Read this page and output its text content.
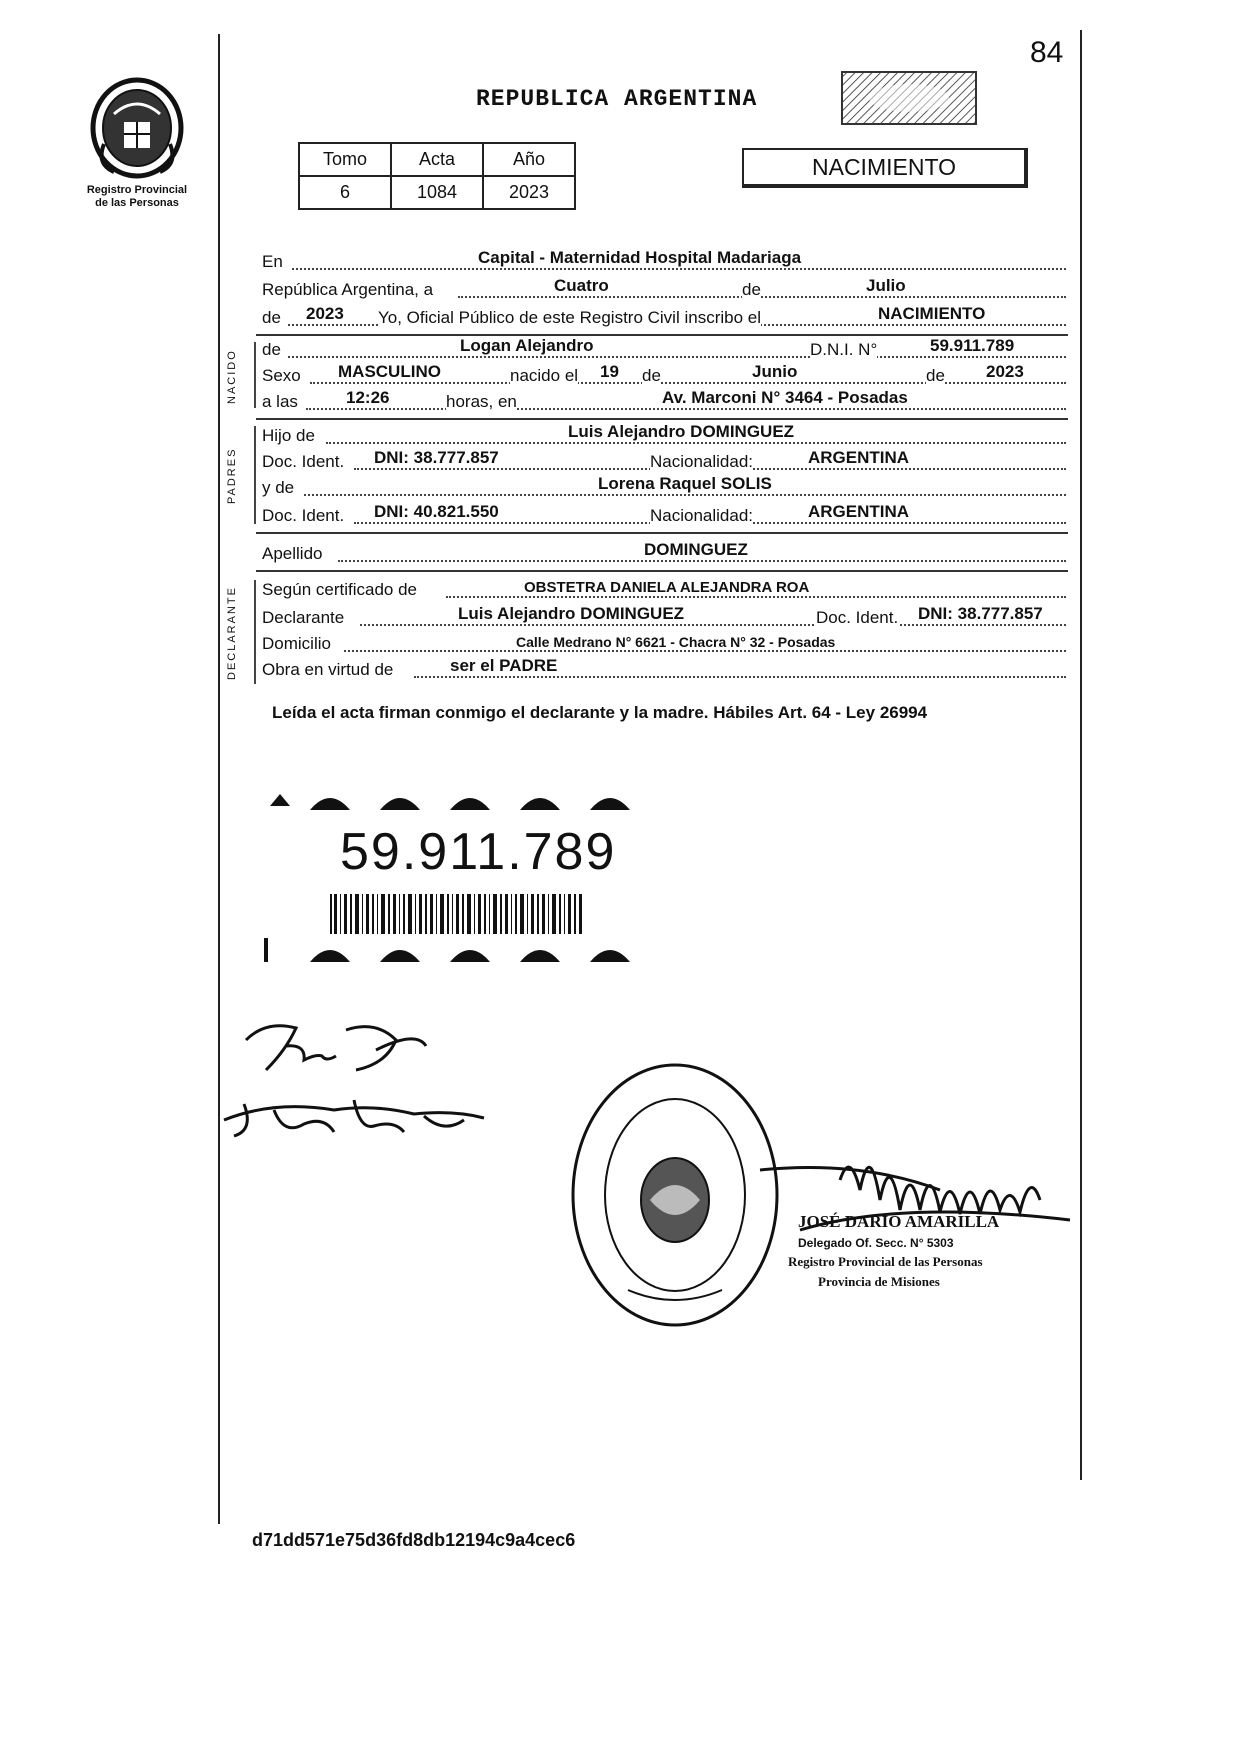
Registro Provincial
de las Personas
84
REPUBLICA ARGENTINA
Tomo	Acta	Año
6	1084	2023
NACIMIENTO
En	Capital - Maternidad Hospital Madariaga
República Argentina, a	Cuatro	de	Julio
de 2023 Yo, Oficial Público de este Registro Civil inscribo el	NACIMIENTO
NACIDO de	Logan Alejandro	D.N.I. N°	59.911.789
Sexo MASCULINO	nacido el 19 de	Junio	de 2023
a las	12:26	horas, en	Av. Marconi N° 3464 - Posadas
PADRES
Hijo de	Luis Alejandro DOMINGUEZ
Doc. Ident. DNI: 38.777.857	Nacionalidad:	ARGENTINA
y de	Lorena Raquel SOLIS
Doc. Ident. DNI: 40.821.550	Nacionalidad:	ARGENTINA
Apellido	DOMINGUEZ
DECLARANTE Según certificado de	OBSTETRA DANIELA ALEJANDRA ROA
Declarante	Luis Alejandro DOMINGUEZ	Doc. Ident. DNI: 38.777.857
Domicilio	Calle Medrano N° 6621 - Chacra N° 32 - Posadas
Obra en virtud de	ser el PADRE
Leída el acta firman conmigo el declarante y la madre. Hábiles Art. 64 - Ley 26994
59.911.789
JOSÉ DARIO AMARILLA
Delegado Of. Secc. N° 5303
Registro Provincial de las Personas
Provincia de Misiones
d71dd571e75d36fd8db12194c9a4cec6
